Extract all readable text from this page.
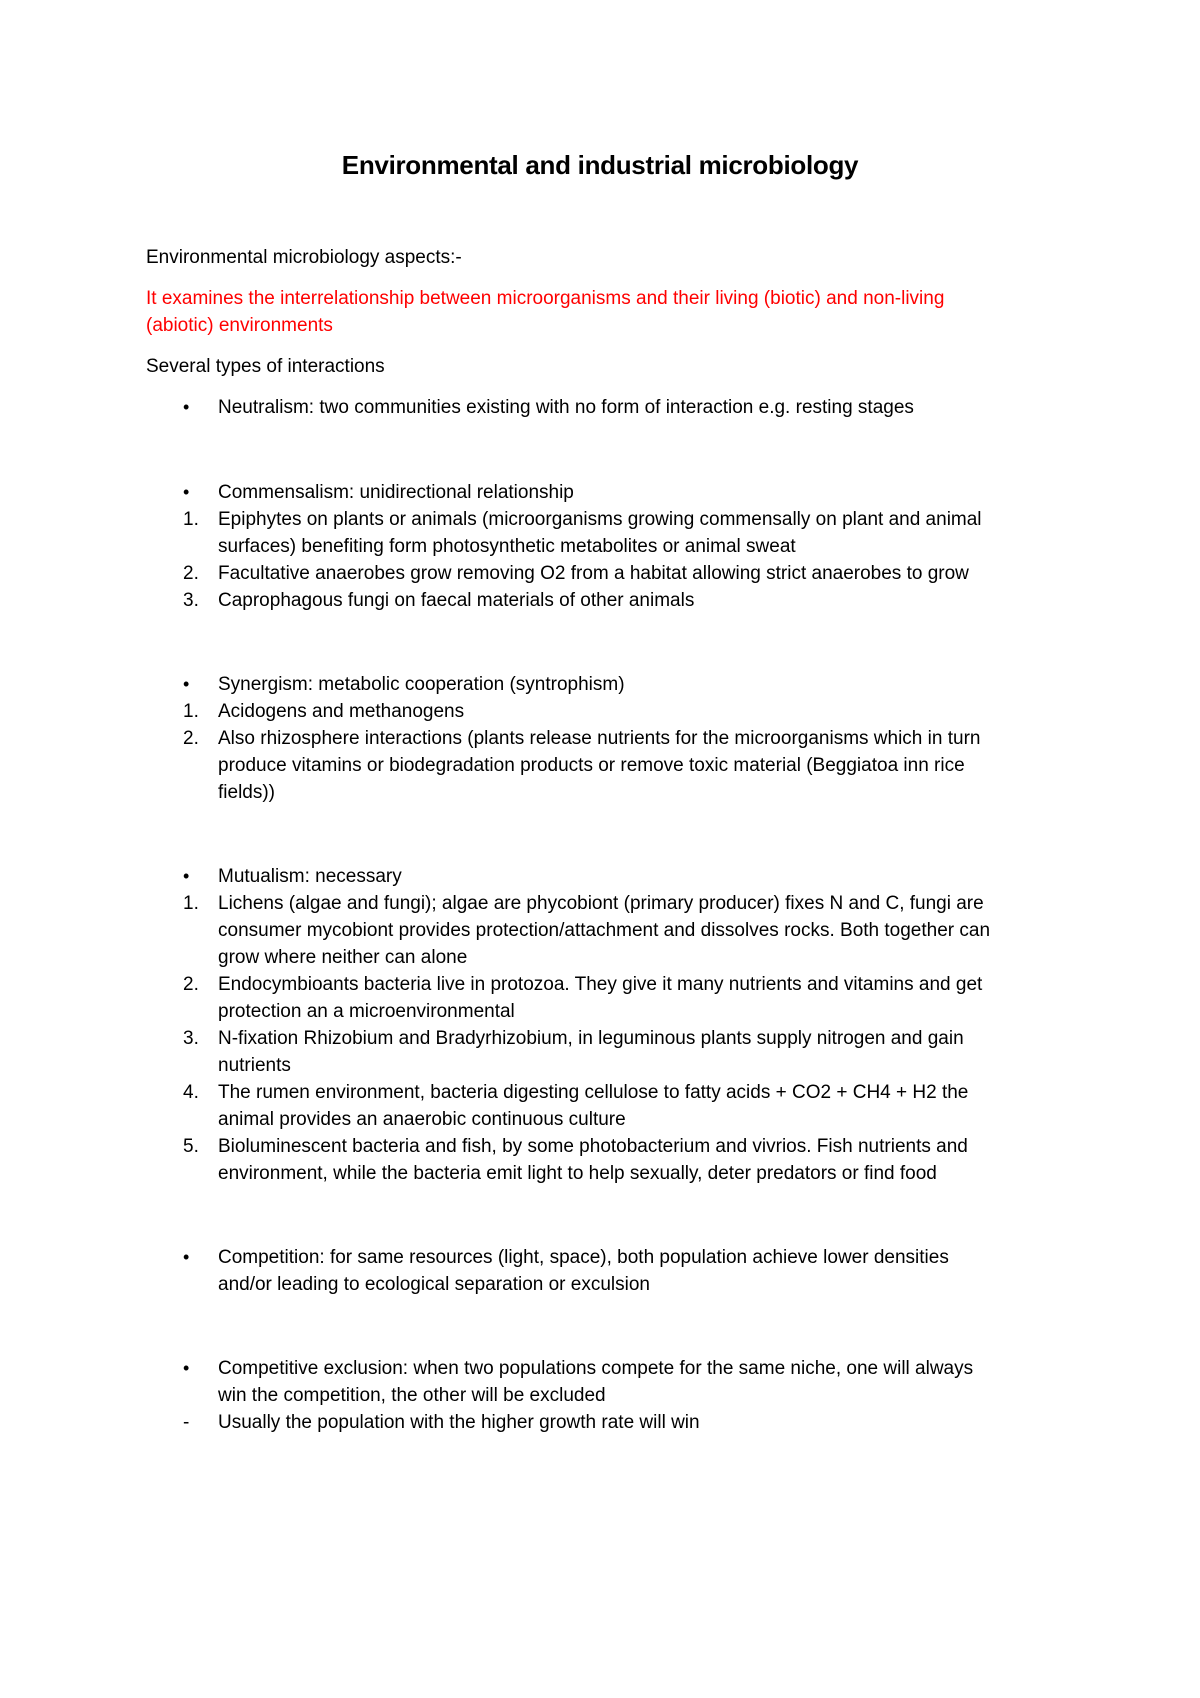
Environmental and industrial microbiology
Environmental microbiology aspects:-
It examines the interrelationship between microorganisms and their living (biotic) and non-living
(abiotic) environments
Several types of interactions
• Neutralism: two communities existing with no form of interaction e.g. resting stages
• Commensalism: unidirectional relationship
1. Epiphytes on plants or animals (microorganisms growing commensally on plant and animal
surfaces) benefiting form photosynthetic metabolites or animal sweat
2. Facultative anaerobes grow removing O2 from a habitat allowing strict anaerobes to grow
3. Caprophagous fungi on faecal materials of other animals
• Synergism: metabolic cooperation (syntrophism)
1. Acidogens and methanogens
2. Also rhizosphere interactions (plants release nutrients for the microorganisms which in turn
produce vitamins or biodegradation products or remove toxic material (Beggiatoa inn rice
fields))
• Mutualism: necessary
1. Lichens (algae and fungi); algae are phycobiont (primary producer) fixes N and C, fungi are
consumer mycobiont provides protection/attachment and dissolves rocks. Both together can
grow where neither can alone
2. Endocymbioants bacteria live in protozoa. They give it many nutrients and vitamins and get
protection an a microenvironmental
3. N-fixation Rhizobium and Bradyrhizobium, in leguminous plants supply nitrogen and gain
nutrients
4. The rumen environment, bacteria digesting cellulose to fatty acids + CO2 + CH4 + H2 the
animal provides an anaerobic continuous culture
5. Bioluminescent bacteria and fish, by some photobacterium and vivrios. Fish nutrients and
environment, while the bacteria emit light to help sexually, deter predators or find food
• Competition: for same resources (light, space), both population achieve lower densities
and/or leading to ecological separation or exculsion
• Competitive exclusion: when two populations compete for the same niche, one will always
win the competition, the other will be excluded
- Usually the population with the higher growth rate will win
